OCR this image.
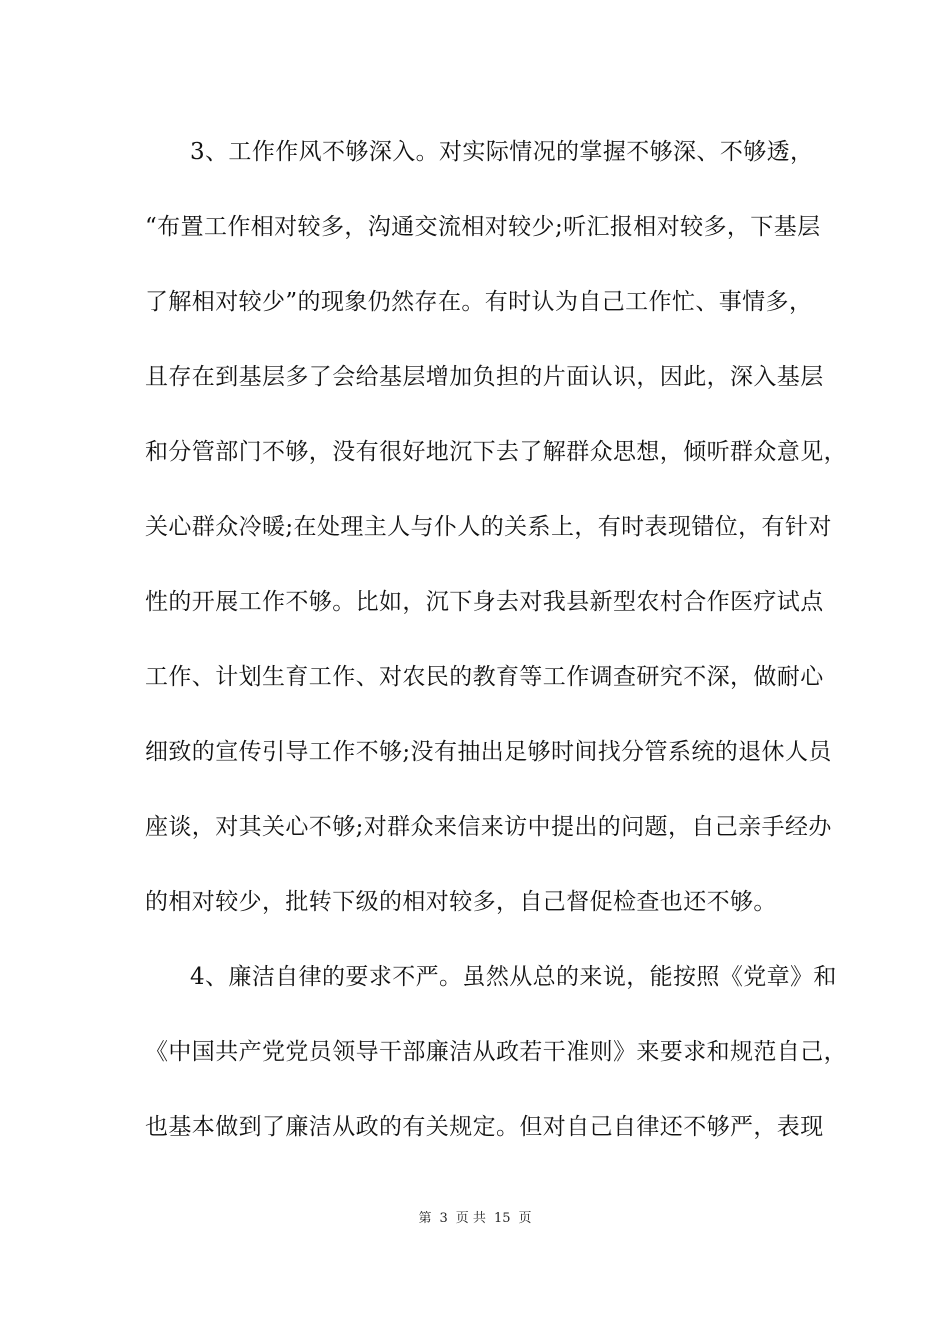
3、工作作风不够深入。对实际情况的掌握不够深、不够透，
“布置工作相对较多，沟通交流相对较少;听汇报相对较多，下基层
了解相对较少”的现象仍然存在。有时认为自己工作忙、事情多，
且存在到基层多了会给基层增加负担的片面认识，因此，深入基层
和分管部门不够，没有很好地沉下去了解群众思想，倾听群众意见，
关心群众冷暖;在处理主人与仆人的关系上，有时表现错位，有针对
性的开展工作不够。比如，沉下身去对我县新型农村合作医疗试点
工作、计划生育工作、对农民的教育等工作调查研究不深，做耐心
细致的宣传引导工作不够;没有抽出足够时间找分管系统的退休人员
座谈，对其关心不够;对群众来信来访中提出的问题，自己亲手经办
的相对较少，批转下级的相对较多，自己督促检查也还不够。
4、廉洁自律的要求不严。虽然从总的来说，能按照《党章》和
《中国共产党党员领导干部廉洁从政若干准则》来要求和规范自己，
也基本做到了廉洁从政的有关规定。但对自己自律还不够严，表现
第 3 页 共 15 页
